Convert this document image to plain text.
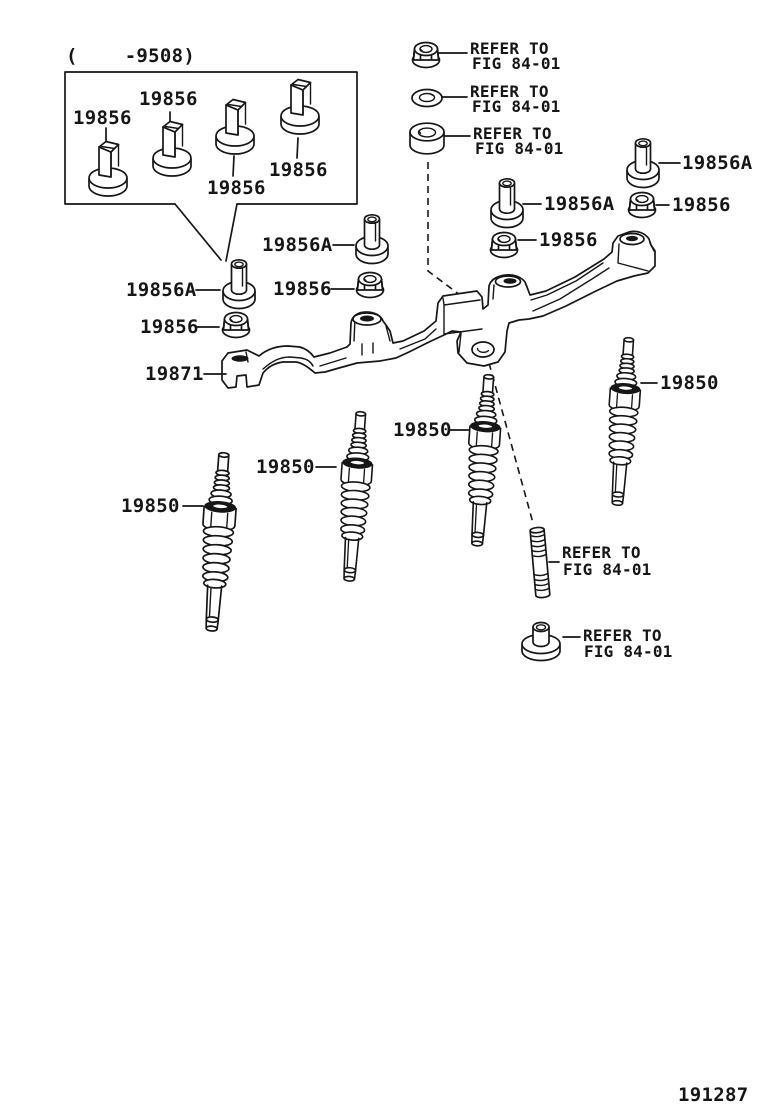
(    -9508)
19856
19856
19856
19856
REFER TO
FIG 84-01
REFER TO
FIG 84-01
REFER TO
FIG 84-01
19856A
19856
19856A
19856
19856A
19856
19856A
19856
19871	19850
19850
19850
19850
REFER TO
FIG 84-01
REFER TO
FIG 84-01
191287
